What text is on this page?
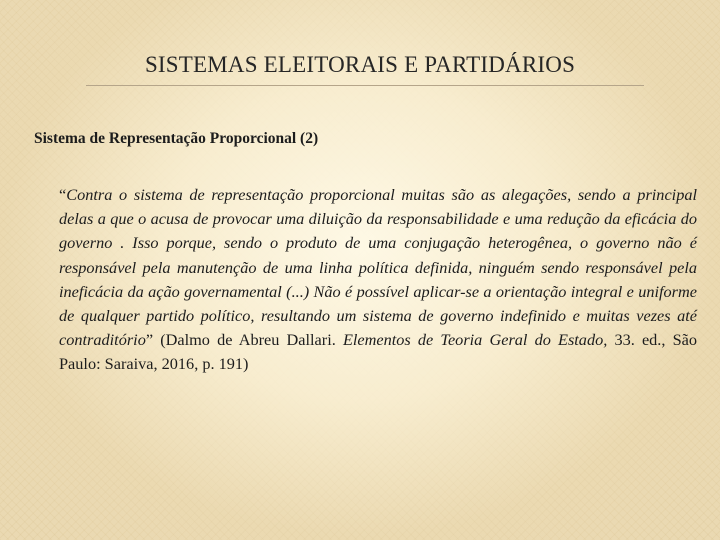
SISTEMAS ELEITORAIS E PARTIDÁRIOS

Sistema de Representação Proporcional (2)

“Contra o sistema de representação proporcional muitas são as alegações, sendo a principal delas a que o acusa de provocar uma diluição da responsabilidade e uma redução da eficácia do governo . Isso porque, sendo o produto de uma conjugação heterogênea, o governo não é responsável pela manutenção de uma linha política definida, ninguém sendo responsável pela ineficácia da ação governamental (...) Não é possível aplicar-se a orientação integral e uniforme de qualquer partido político, resultando um sistema de governo indefinido e muitas vezes até contraditório” (Dalmo de Abreu Dallari. Elementos de Teoria Geral do Estado, 33. ed., São Paulo: Saraiva, 2016, p. 191)
